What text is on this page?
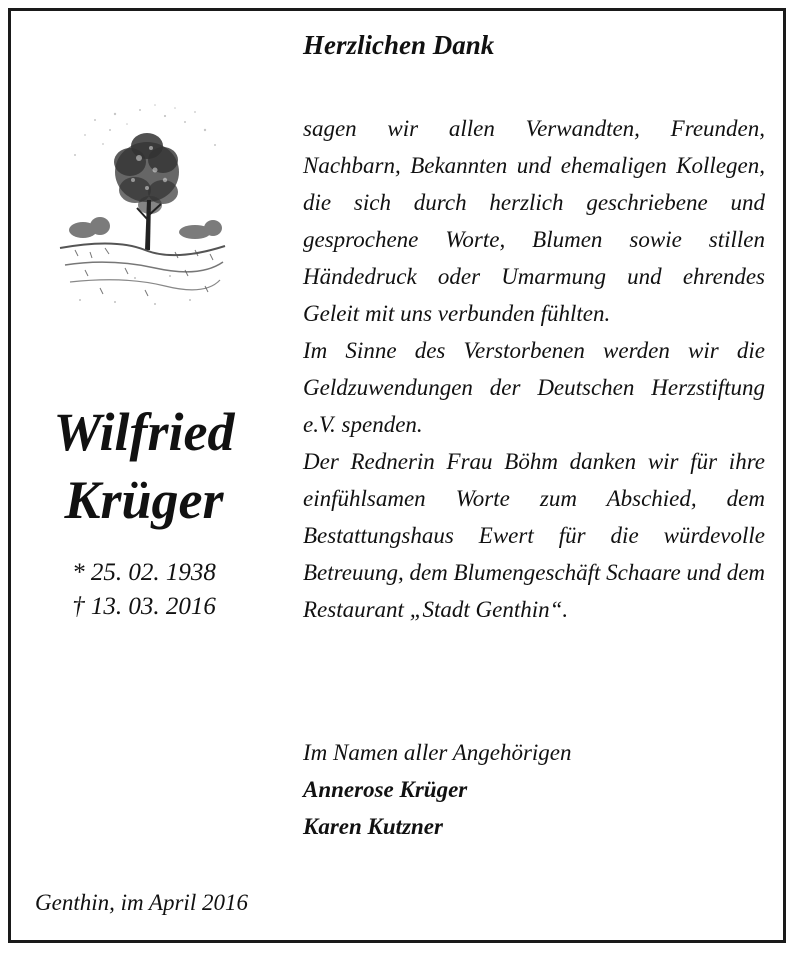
Wilfried
Krüger
* 25. 02. 1938
† 13. 03. 2016
Herzlichen Dank

sagen wir allen Verwandten, Freunden, Nachbarn, Bekannten und ehemaligen Kollegen, die sich durch herzlich geschriebene und gesprochene Worte, Blumen sowie stillen Händedruck oder Umarmung und ehrendes Geleit mit uns verbunden fühlten.

Im Sinne des Verstorbenen werden wir die Geldzuwendungen der Deutschen Herzstiftung e.V. spenden.

Der Rednerin Frau Böhm danken wir für ihre einfühlsamen Worte zum Abschied, dem Bestattungshaus Ewert für die würdevolle Betreuung, dem Blumengeschäft Schaare und dem Restaurant „Stadt Genthin“.

Im Namen aller Angehörigen
Annerose Krüger
Karen Kutzner
Genthin, im April 2016
